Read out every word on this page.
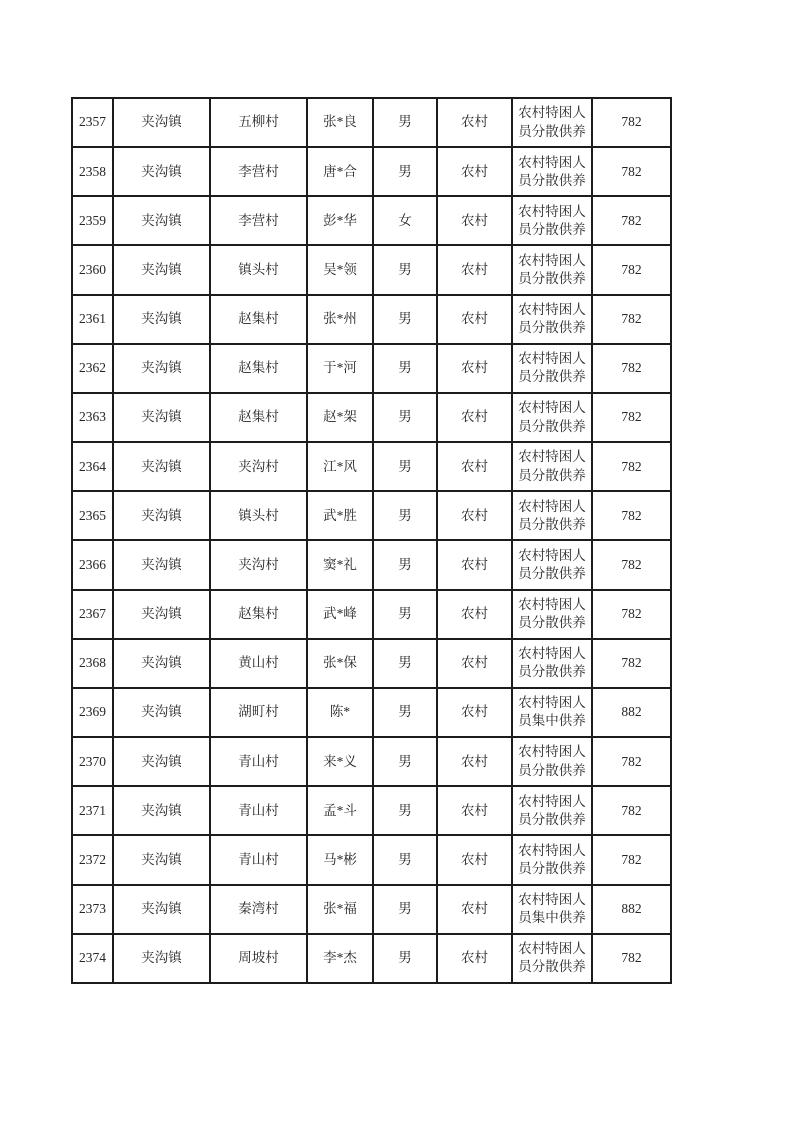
2357	夹沟镇	五柳村	张*良	男	农村	农村特困人员分散供养	782
2358	夹沟镇	李营村	唐*合	男	农村	农村特困人员分散供养	782
2359	夹沟镇	李营村	彭*华	女	农村	农村特困人员分散供养	782
2360	夹沟镇	镇头村	吴*领	男	农村	农村特困人员分散供养	782
2361	夹沟镇	赵集村	张*州	男	农村	农村特困人员分散供养	782
2362	夹沟镇	赵集村	于*河	男	农村	农村特困人员分散供养	782
2363	夹沟镇	赵集村	赵*架	男	农村	农村特困人员分散供养	782
2364	夹沟镇	夹沟村	江*风	男	农村	农村特困人员分散供养	782
2365	夹沟镇	镇头村	武*胜	男	农村	农村特困人员分散供养	782
2366	夹沟镇	夹沟村	窦*礼	男	农村	农村特困人员分散供养	782
2367	夹沟镇	赵集村	武*峰	男	农村	农村特困人员分散供养	782
2368	夹沟镇	黄山村	张*保	男	农村	农村特困人员分散供养	782
2369	夹沟镇	湖町村	陈*	男	农村	农村特困人员集中供养	882
2370	夹沟镇	青山村	来*义	男	农村	农村特困人员分散供养	782
2371	夹沟镇	青山村	孟*斗	男	农村	农村特困人员分散供养	782
2372	夹沟镇	青山村	马*彬	男	农村	农村特困人员分散供养	782
2373	夹沟镇	秦湾村	张*福	男	农村	农村特困人员集中供养	882
2374	夹沟镇	周坡村	李*杰	男	农村	农村特困人员分散供养	782
